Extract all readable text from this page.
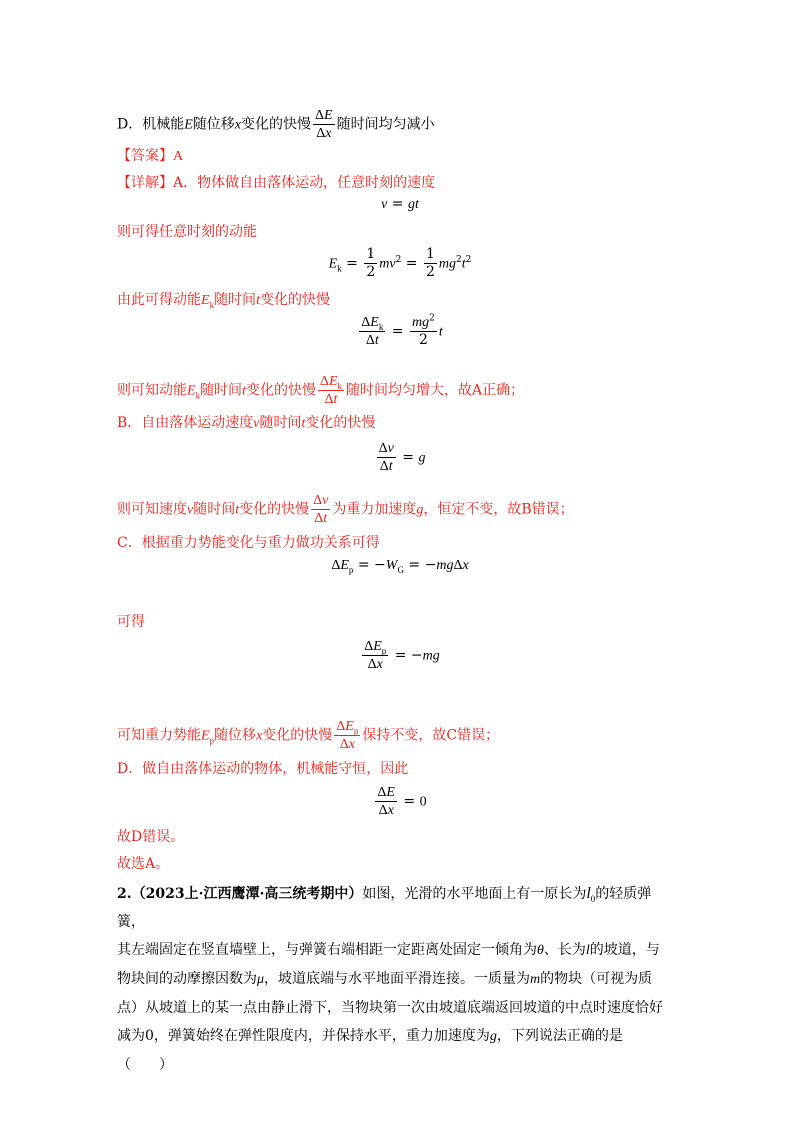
D．机械能E随位移x变化的快慢 $\frac{\Delta E}{\Delta x}$ 随时间均匀减小
【答案】A
【详解】A．物体做自由落体运动，任意时刻的速度
v = gt
则可得任意时刻的动能
$E_k = \frac{1}{2} mv^2 = \frac{1}{2} mg^2t^2$
由此可得动能$E_k$随时间t变化的快慢
$\frac{\Delta E_k}{\Delta t} = \frac{mg^2}{2}$ t
则可知动能$E_k$随时间t变化的快慢 $\frac{\Delta E_k}{\Delta t}$ 随时间均匀增大，故A正确；
B．自由落体运动速度v随时间t变化的快慢
$\frac{\Delta v}{\Delta t} = g$
则可知速度v随时间t变化的快慢 $\frac{\Delta v}{\Delta t}$ 为重力加速度g，恒定不变，故B错误；
C．根据重力势能变化与重力做功关系可得
$\Delta E_p = -W_G = -mg\Delta x$
可得
$\frac{\Delta E_p}{\Delta x} = -mg$
可知重力势能$E_p$随位移x变化的快慢 $\frac{\Delta E_p}{\Delta x}$ 保持不变，故C错误；
D．做自由落体运动的物体，机械能守恒，因此
$\frac{\Delta E}{\Delta x} = 0$
故D错误。
故选A。
2.（2023上·江西鹰潭·高三统考期中）如图，光滑的水平地面上有一原长为$l_0$的轻质弹簧，
其左端固定在竖直墙壁上，与弹簧右端相距一定距离处固定一倾角为θ、长为l的坡道，与
物块间的动摩擦因数为μ，坡道底端与水平地面平滑连接。一质量为m的物块（可视为质
点）从坡道上的某一点由静止滑下，当物块第一次由坡道底端返回坡道的中点时速度恰好
减为0，弹簧始终在弹性限度内，并保持水平，重力加速度为g，下列说法正确的是
（　　）
